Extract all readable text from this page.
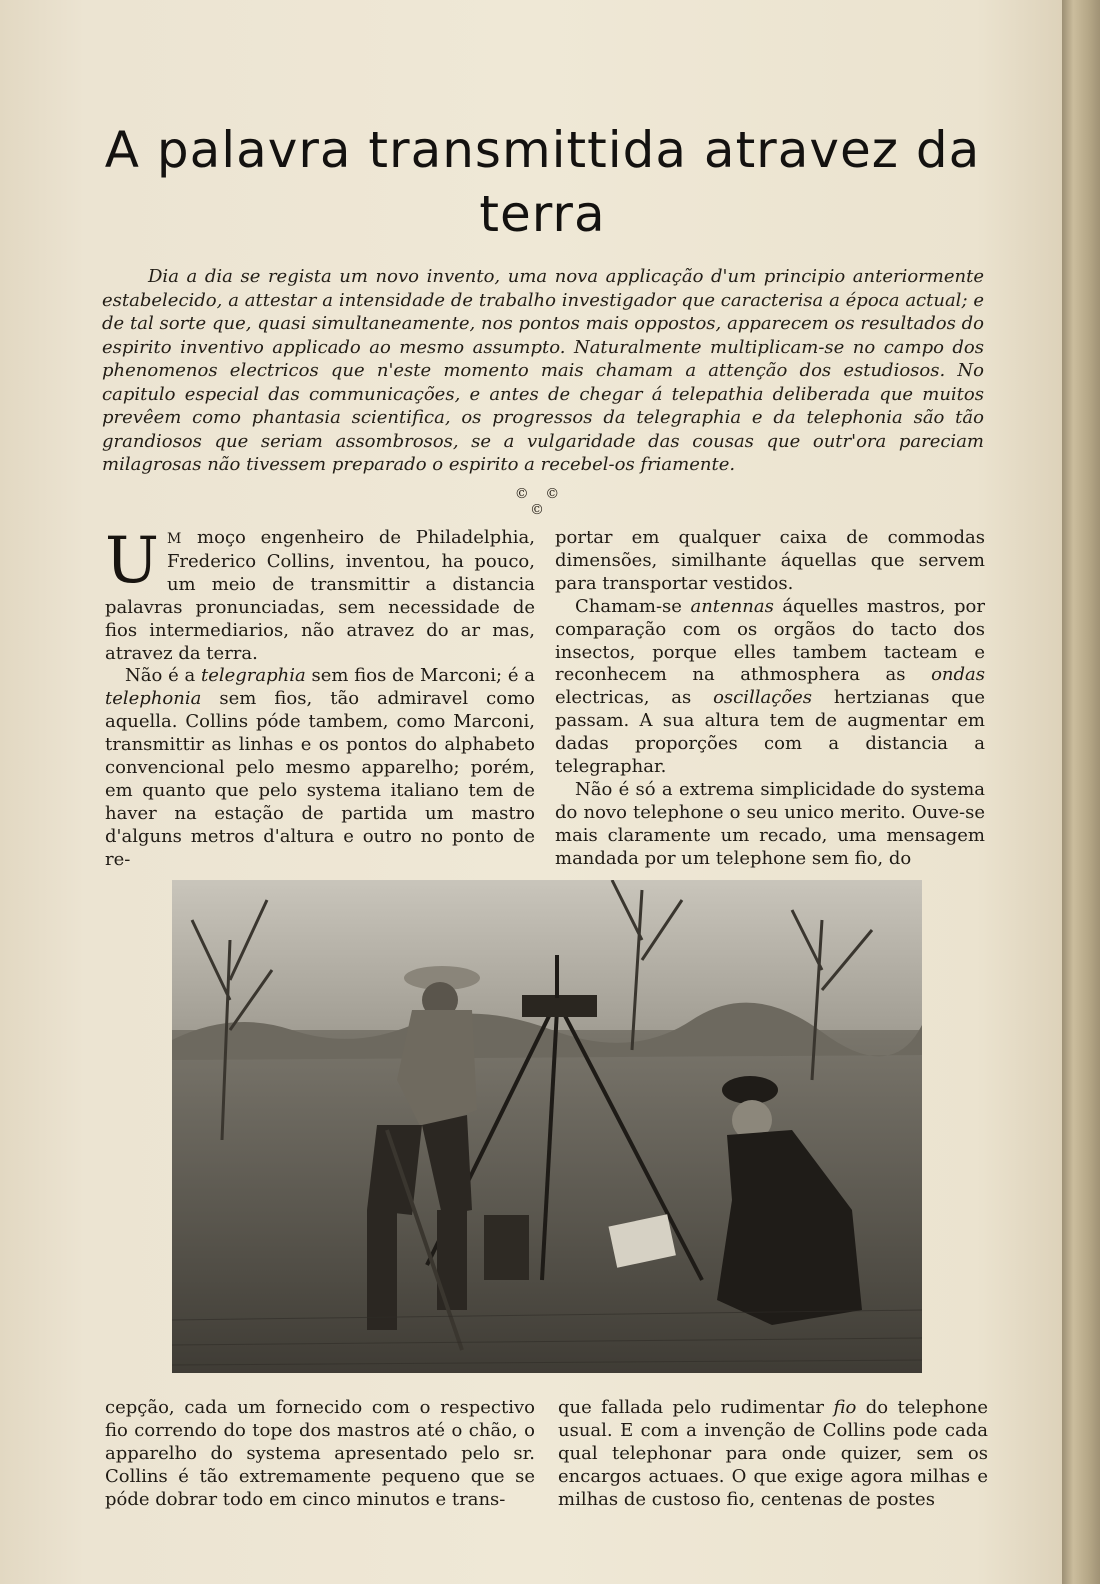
A palavra transmittida atravez da terra

Dia a dia se regista um novo invento, uma nova applicação d'um principio anteriormente estabelecido, a attestar a intensidade de trabalho investigador que caracterisa a época actual; e de tal sorte que, quasi simultaneamente, nos pontos mais oppostos, apparecem os resultados do espirito inventivo applicado ao mesmo assumpto. Naturalmente multiplicam-se no campo dos phenomenos electricos que n'este momento mais chamam a attenção dos estudiosos. No capitulo especial das communicações, e antes de chegar á telepathia deliberada que muitos prevêem como phantasia scientifica, os progressos da telegraphia e da telephonia são tão grandiosos que seriam assombrosos, se a vulgaridade das cousas que outr'ora pareciam milagrosas não tivessem preparado o espirito a recebel-os friamente.

© © ©

U M moço engenheiro de Philadelphia, Frederico Collins, inventou, ha pouco, um meio de transmittir a distancia palavras pronunciadas, sem necessidade de fios intermediarios, não atravez do ar mas, atravez da terra.

Não é a telegraphia sem fios de Marconi; é a telephonia sem fios, tão admiravel como aquella. Collins póde tambem, como Marconi, transmittir as linhas e os pontos do alphabeto convencional pelo mesmo apparelho; porém, em quanto que pelo systema italiano tem de haver na estação de partida um mastro d'alguns metros d'altura e outro no ponto de re-

portar em qualquer caixa de commodas dimensões, similhante áquellas que servem para transportar vestidos.

Chamam-se antennas áquelles mastros, por comparação com os orgãos do tacto dos insectos, porque elles tambem tacteam e reconhecem na athmosphera as ondas electricas, as oscillações hertzianas que passam. A sua altura tem de augmentar em dadas proporções com a distancia a telegraphar.

Não é só a extrema simplicidade do systema do novo telephone o seu unico merito. Ouve-se mais claramente um recado, uma mensagem mandada por um telephone sem fio, do

cepção, cada um fornecido com o respectivo fio correndo do tope dos mastros até o chão, o apparelho do systema apresentado pelo sr. Collins é tão extremamente pequeno que se póde dobrar todo em cinco minutos e trans-

que fallada pelo rudimentar fio do telephone usual. E com a invenção de Collins pode cada qual telephonar para onde quizer, sem os encargos actuaes. O que exige agora milhas e milhas de custoso fio, centenas de postes
